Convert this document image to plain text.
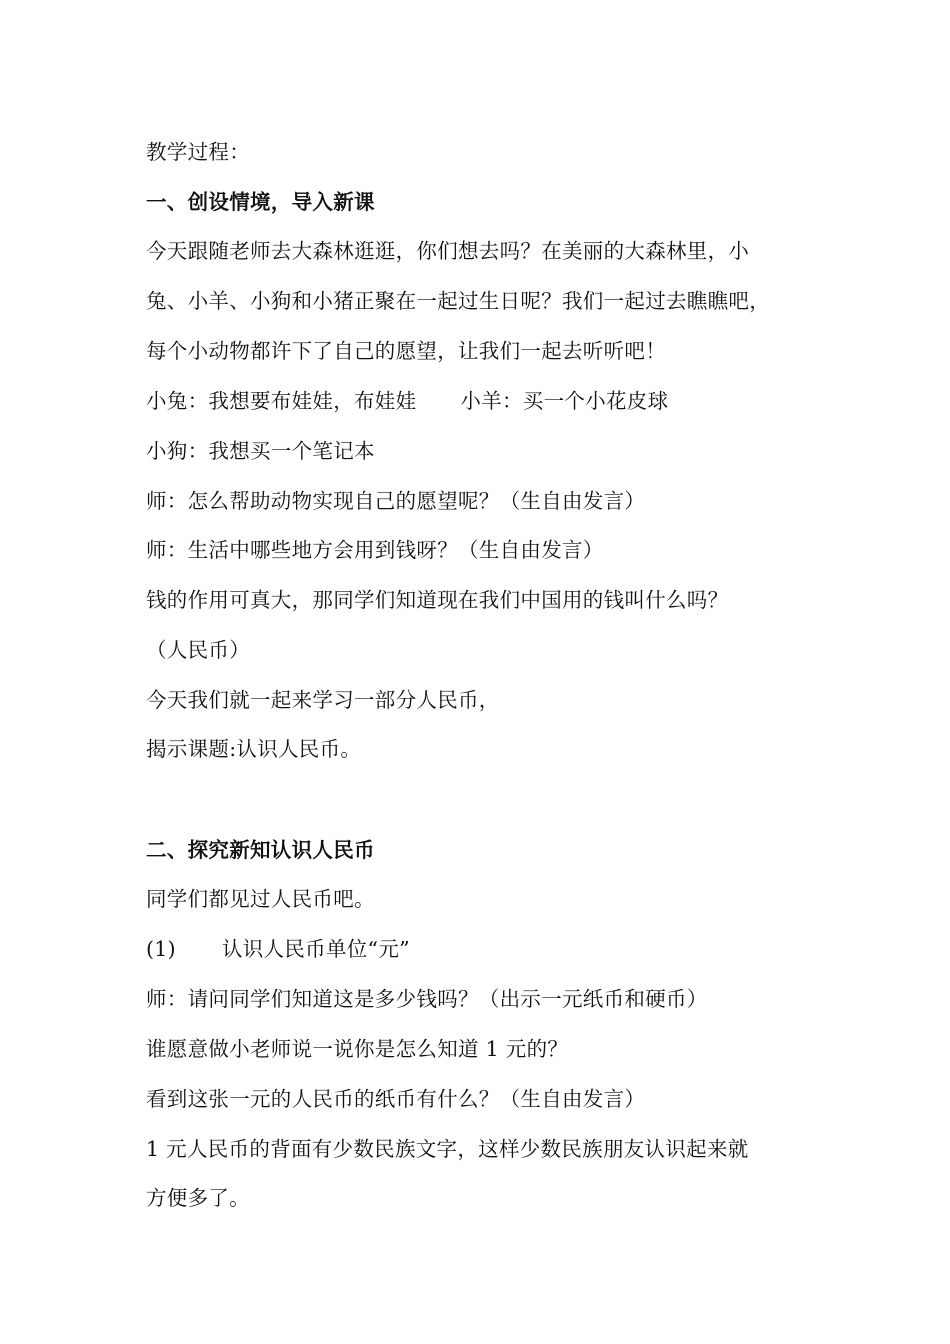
教学过程：
一、创设情境，导入新课
今天跟随老师去大森林逛逛，你们想去吗？在美丽的大森林里，小
兔、小羊、小狗和小猪正聚在一起过生日呢？我们一起过去瞧瞧吧，
每个小动物都许下了自己的愿望，让我们一起去听听吧！
小兔：我想要布娃娃，布娃娃 小羊：买一个小花皮球
小狗：我想买一个笔记本
师：怎么帮助动物实现自己的愿望呢？（生自由发言）
师：生活中哪些地方会用到钱呀？（生自由发言）
钱的作用可真大，那同学们知道现在我们中国用的钱叫什么吗？
（人民币）
今天我们就一起来学习一部分人民币，
揭示课题:认识人民币。
二、探究新知认识人民币
同学们都见过人民币吧。
(1) 认识人民币单位“元”
师：请问同学们知道这是多少钱吗？（出示一元纸币和硬币）
谁愿意做小老师说一说你是怎么知道 1 元的？
看到这张一元的人民币的纸币有什么？（生自由发言）
1 元人民币的背面有少数民族文字，这样少数民族朋友认识起来就
方便多了。
